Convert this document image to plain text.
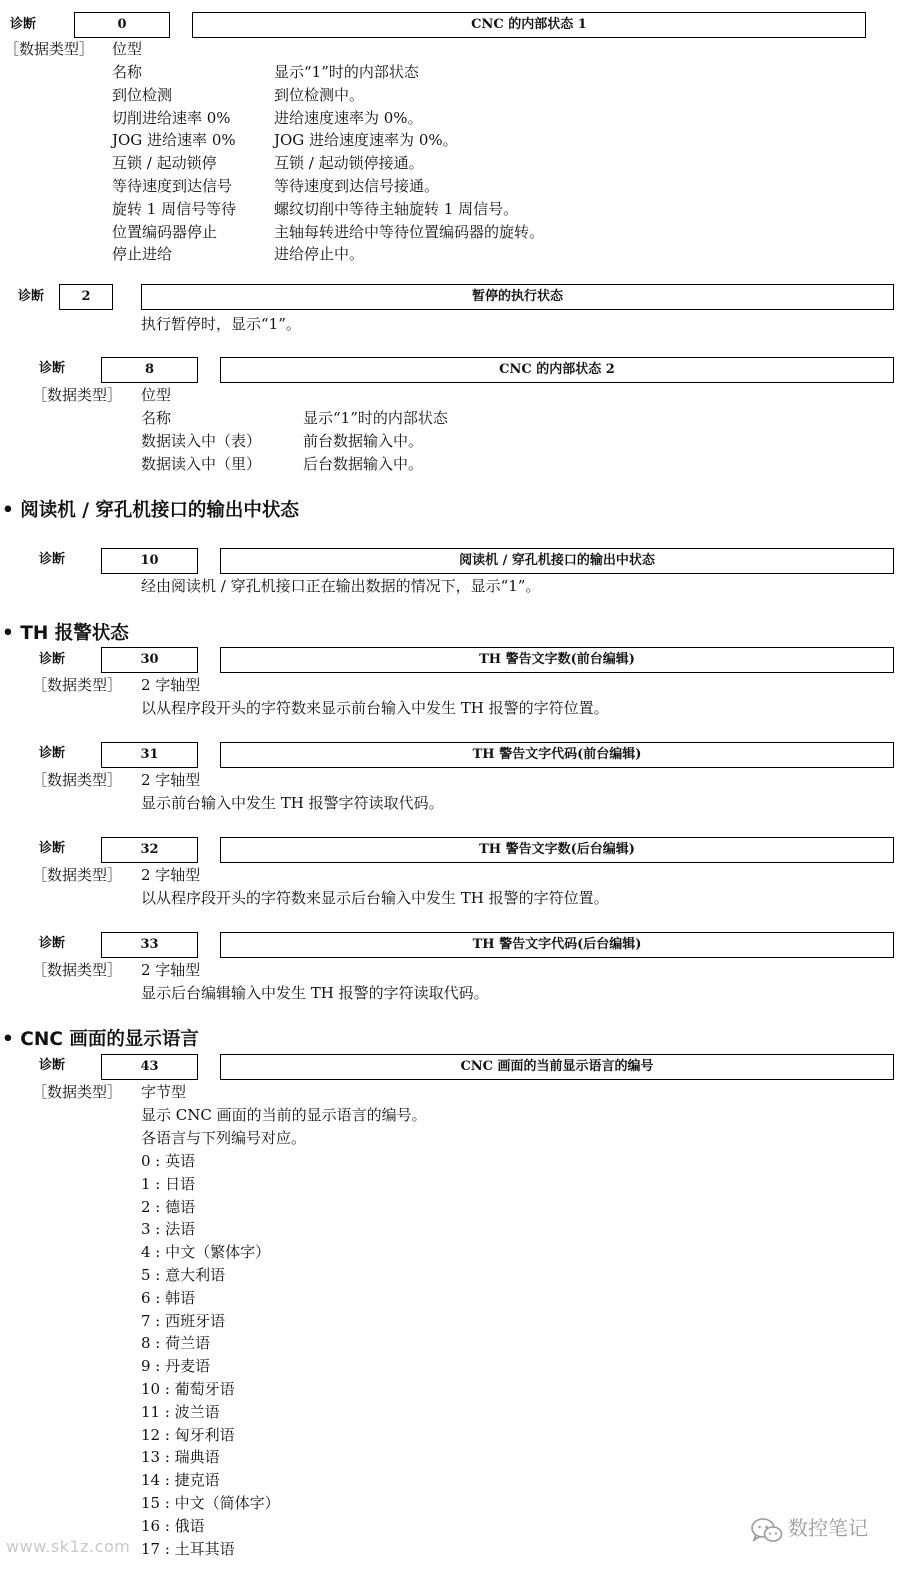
诊断	0	CNC 的内部状态 1
［数据类型］ 位型
名称	显示“1”时的内部状态
到位检测	到位检测中。
切削进给速率 0%	进给速度速率为 0%。
JOG 进给速率 0%	JOG 进给速度速率为 0%。
互锁 / 起动锁停	互锁 / 起动锁停接通。
等待速度到达信号	等待速度到达信号接通。
旋转 1 周信号等待	螺纹切削中等待主轴旋转 1 周信号。
位置编码器停止	主轴每转进给中等待位置编码器的旋转。
停止进给	进给停止中。
诊断	2	暂停的执行状态
执行暂停时，显示“1”。
诊断	8	CNC 的内部状态 2
［数据类型］ 位型
名称	显示“1”时的内部状态
数据读入中（表）	前台数据输入中。
数据读入中（里）	后台数据输入中。
• 阅读机 / 穿孔机接口的输出中状态
诊断	10	阅读机 / 穿孔机接口的输出中状态
经由阅读机 / 穿孔机接口正在输出数据的情况下，显示“1”。
• TH 报警状态
诊断	30	TH 警告文字数(前台编辑)
［数据类型］ 2 字轴型
以从程序段开头的字符数来显示前台输入中发生 TH 报警的字符位置。
诊断	31	TH 警告文字代码(前台编辑)
［数据类型］ 2 字轴型
显示前台输入中发生 TH 报警字符读取代码。
诊断	32	TH 警告文字数(后台编辑)
［数据类型］ 2 字轴型
以从程序段开头的字符数来显示后台输入中发生 TH 报警的字符位置。
诊断	33	TH 警告文字代码(后台编辑)
［数据类型］ 2 字轴型
显示后台编辑输入中发生 TH 报警的字符读取代码。
• CNC 画面的显示语言
诊断	43	CNC 画面的当前显示语言的编号
［数据类型］ 字节型
显示 CNC 画面的当前的显示语言的编号。
各语言与下列编号对应。
0 : 英语
1 : 日语
2 : 德语
3 : 法语
4 : 中文（繁体字）
5 : 意大利语
6 : 韩语
7 : 西班牙语
8 : 荷兰语
9 : 丹麦语
10 : 葡萄牙语
11 : 波兰语
12 : 匈牙利语
13 : 瑞典语
14 : 捷克语
15 : 中文（简体字）
16 : 俄语
17 : 土耳其语
www.sk1z.com
数控笔记
